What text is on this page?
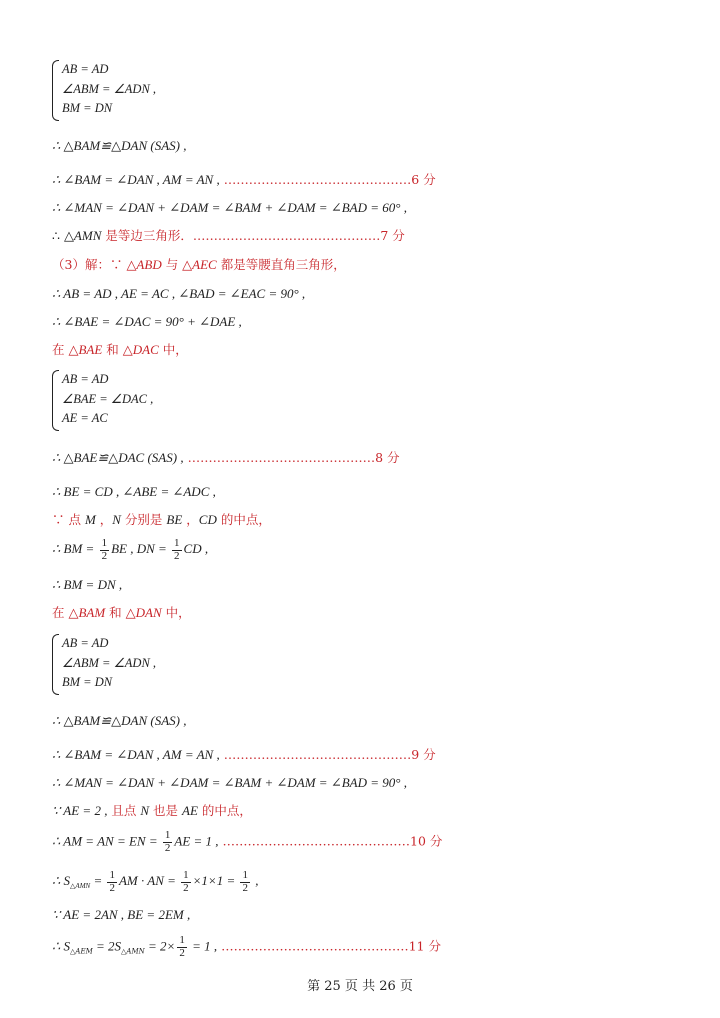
AB = AD
∠ABM = ∠ADN ,
BM = DN
∴ △BAM≌△DAN (SAS) ,
∴ ∠BAM = ∠DAN , AM = AN , ………………………………………6 分
∴ ∠MAN = ∠DAN + ∠DAM = ∠BAM + ∠DAM = ∠BAD = 60° ,
∴ △AMN 是等边三角形．………………………………………7 分
（3）解：∵ △ABD 与 △AEC 都是等腰直角三角形，
∴ AB = AD , AE = AC , ∠BAD = ∠EAC = 90° ,
∴ ∠BAE = ∠DAC = 90° + ∠DAE ,
在 △BAE 和 △DAC 中，
AB = AD
∠BAE = ∠DAC ,
AE = AC
∴ △BAE≌△DAC (SAS) , ………………………………………8 分
∴ BE = CD , ∠ABE = ∠ADC ,
∵ 点 M ，N 分别是 BE ，CD 的中点，
∴ BM = $\frac{1}{2}$ BE , DN = $\frac{1}{2}$ CD ,
∴ BM = DN ,
在 △BAM 和 △DAN 中，
AB = AD
∠ABM = ∠ADN ,
BM = DN
∴ △BAM≌△DAN (SAS) ,
∴ ∠BAM = ∠DAN , AM = AN , ………………………………………9 分
∴ ∠MAN = ∠DAN + ∠DAM = ∠BAM + ∠DAM = ∠BAD = 90° ,
∵ AE = 2 , 且点 N 也是 AE 的中点，
∴ AM = AN = EN = $\frac{1}{2}$ AE = 1 , ………………………………………10 分
∴ $S_{\triangle AMN} = \frac{1}{2}$ AM · AN = $\frac{1}{2} \times 1\times 1 = \frac{1}{2}$ ,
∵ AE = 2AN , BE = 2EM ,
∴ $S_{\triangle AEM} = 2S_{\triangle AMN} = 2\times \frac{1}{2} = 1$ , ………………………………………11 分
第 25 页 共 26 页
